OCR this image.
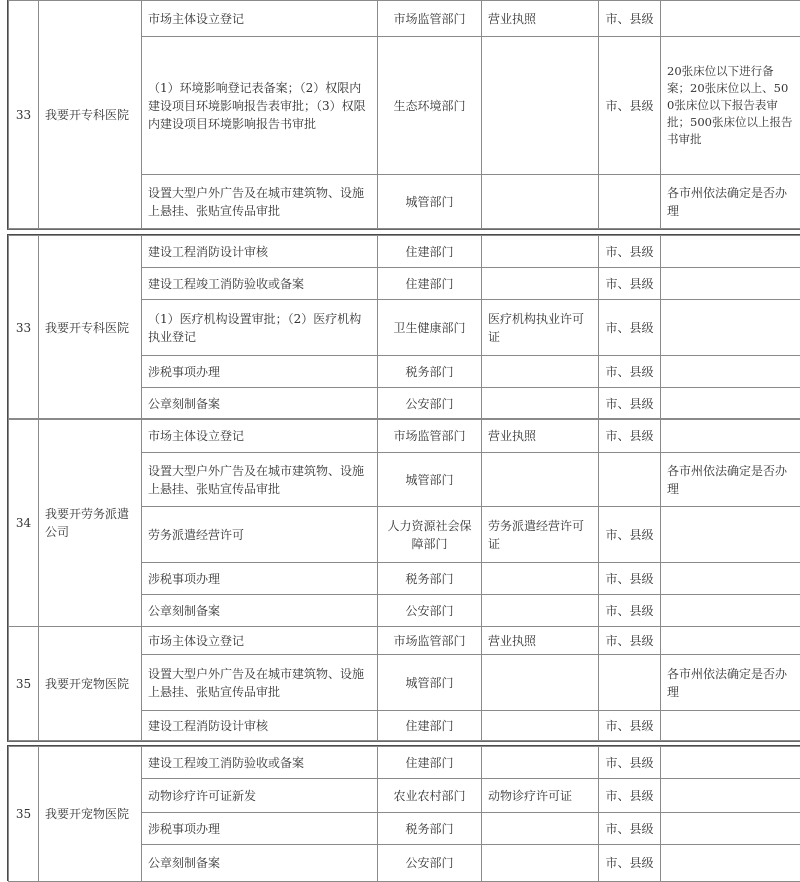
33	我要开专科医院	市场主体设立登记	市场监管部门	营业执照	市、县级	
		（1）环境影响登记表备案；（2）权限内建设项目环境影响报告表审批；（3）权限内建设项目环境影响报告书审批	生态环境部门		市、县级	20张床位以下进行备案；20张床位以上、500张床位以下报告表审批；500张床位以上报告书审批
		设置大型户外广告及在城市建筑物、设施上悬挂、张贴宣传品审批	城管部门			各市州依法确定是否办理
33	我要开专科医院	建设工程消防设计审核	住建部门		市、县级	
		建设工程竣工消防验收或备案	住建部门		市、县级	
		（1）医疗机构设置审批；（2）医疗机构执业登记	卫生健康部门	医疗机构执业许可证	市、县级	
		涉税事项办理	税务部门		市、县级	
		公章刻制备案	公安部门		市、县级	
34	我要开劳务派遣公司	市场主体设立登记	市场监管部门	营业执照	市、县级	
		设置大型户外广告及在城市建筑物、设施上悬挂、张贴宣传品审批	城管部门			各市州依法确定是否办理
		劳务派遣经营许可	人力资源社会保障部门	劳务派遣经营许可证	市、县级	
		涉税事项办理	税务部门		市、县级	
		公章刻制备案	公安部门		市、县级	
35	我要开宠物医院	市场主体设立登记	市场监管部门	营业执照	市、县级	
		设置大型户外广告及在城市建筑物、设施上悬挂、张贴宣传品审批	城管部门			各市州依法确定是否办理
		建设工程消防设计审核	住建部门		市、县级	
35	我要开宠物医院	建设工程竣工消防验收或备案	住建部门		市、县级	
		动物诊疗许可证新发	农业农村部门	动物诊疗许可证	市、县级	
		涉税事项办理	税务部门		市、县级	
		公章刻制备案	公安部门		市、县级	
